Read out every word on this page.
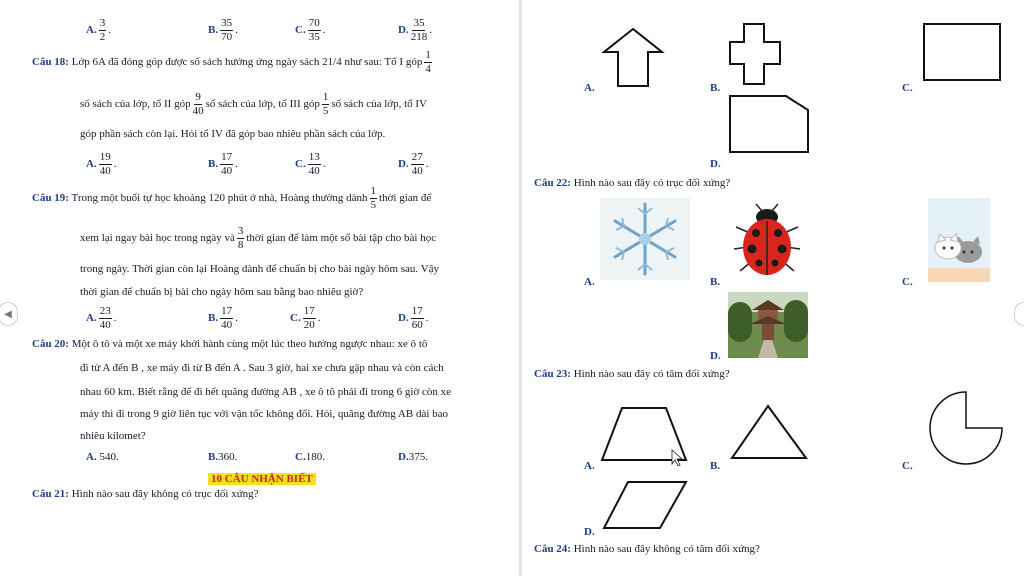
A. $\frac{3}{2}$ .	B. $\frac{35}{70}$ .	C. $\frac{70}{35}$ .	D. $\frac{35}{218}$ .
Câu 18: Lớp 6A đã đóng góp được số sách hưởng ứng ngày sách 21/4 như sau: Tổ I góp $\frac{1}{4}$
số sách của lớp, tổ II góp $\frac{9}{40}$ số sách của lớp, tổ III góp $\frac{1}{5}$ số sách của lớp, tổ IV
góp phần sách còn lại. Hỏi tổ IV đã góp bao nhiêu phần sách của lớp.
A. $\frac{19}{40}$ .	B. $\frac{17}{40}$ .	C. $\frac{13}{40}$ .	D. $\frac{27}{40}$ .
Câu 19: Trong một buổi tự học khoảng 120 phút ở nhà, Hoàng thường dành $\frac{1}{5}$ thời gian để
xem lại ngay bài học trong ngày và $\frac{3}{8}$ thời gian để làm một số bài tập cho bài học
trong ngày. Thời gian còn lại Hoàng dành để chuẩn bị cho bài ngày hôm sau. Vậy
thời gian để chuẩn bị bài cho ngày hôm sau bằng bao nhiêu giờ?
A. $\frac{23}{40}$ .	B. $\frac{17}{40}$ .	C. $\frac{17}{20}$ .	D. $\frac{17}{60}$ .
Câu 20: Một ô tô và một xe máy khởi hành cùng một lúc theo hướng ngược nhau: xe ô tô
đi từ A đến B , xe máy đi từ B đến A . Sau 3 giờ, hai xe chưa gặp nhau và còn cách
nhau 60 km. Biết rằng để đi hết quãng đường AB , xe ô tô phải đi trong 6 giờ còn xe
máy thì đi trong 9 giờ liên tục với vận tốc không đổi. Hỏi, quãng đường AB dài bao
nhiêu kilomet?
A. 540.	B.360.	C.180.	D.375.
10 CÂU NHẬN BIẾT
Câu 21: Hình nào sau đây không có trục đối xứng?
◀
A.	B.	C.
D.
Câu 22: Hình nào sau đây có trục đối xứng?
A.	B.	C.
D.
Câu 23: Hình nào sau đây có tâm đối xứng?
A.	B.	C.
D.
Câu 24: Hình nào sau đây không có tâm đối xứng?
